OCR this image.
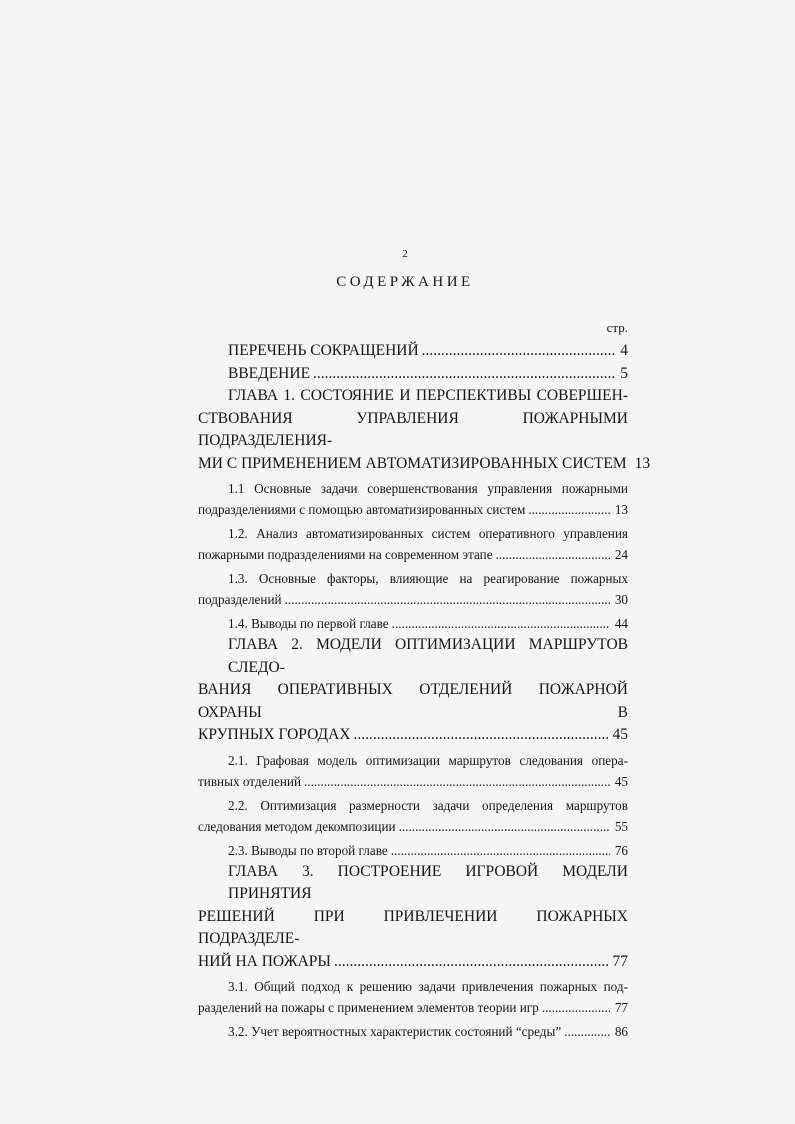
2
СОДЕРЖАНИЕ
стр.
ПЕРЕЧЕНЬ СОКРАЩЕНИЙ .....	4
ВВЕДЕНИЕ .....	5
ГЛАВА 1. СОСТОЯНИЕ И ПЕРСПЕКТИВЫ СОВЕРШЕН-
СТВОВАНИЯ УПРАВЛЕНИЯ ПОЖАРНЫМИ ПОДРАЗДЕЛЕНИЯ-
МИ С ПРИМЕНЕНИЕМ АВТОМАТИЗИРОВАННЫХ СИСТЕМ 13
1.1 Основные задачи совершенствования управления пожарными
подразделениями с помощью автоматизированных систем .....	13
1.2. Анализ автоматизированных систем оперативного управления
пожарными подразделениями на современном этапе .....	24
1.3. Основные факторы, влияющие на реагирование пожарных
подразделений .....	30
1.4. Выводы по первой главе .....	44
ГЛАВА 2. МОДЕЛИ ОПТИМИЗАЦИИ МАРШРУТОВ СЛЕДО-
ВАНИЯ ОПЕРАТИВНЫХ ОТДЕЛЕНИЙ ПОЖАРНОЙ ОХРАНЫ В
КРУПНЫХ ГОРОДАХ .....	45
2.1. Графовая модель оптимизации маршрутов следования опера-
тивных отделений .....	45
2.2. Оптимизация размерности задачи определения маршрутов
следования методом декомпозиции .....	55
2.3. Выводы по второй главе .....	76
ГЛАВА 3. ПОСТРОЕНИЕ ИГРОВОЙ МОДЕЛИ ПРИНЯТИЯ
РЕШЕНИЙ ПРИ ПРИВЛЕЧЕНИИ ПОЖАРНЫХ ПОДРАЗДЕЛЕ-
НИЙ НА ПОЖАРЫ .....	77
3.1. Общий подход к решению задачи привлечения пожарных под-
разделений на пожары с применением элементов теории игр .....	77
3.2. Учет вероятностных характеристик состояний “среды” .....	86
